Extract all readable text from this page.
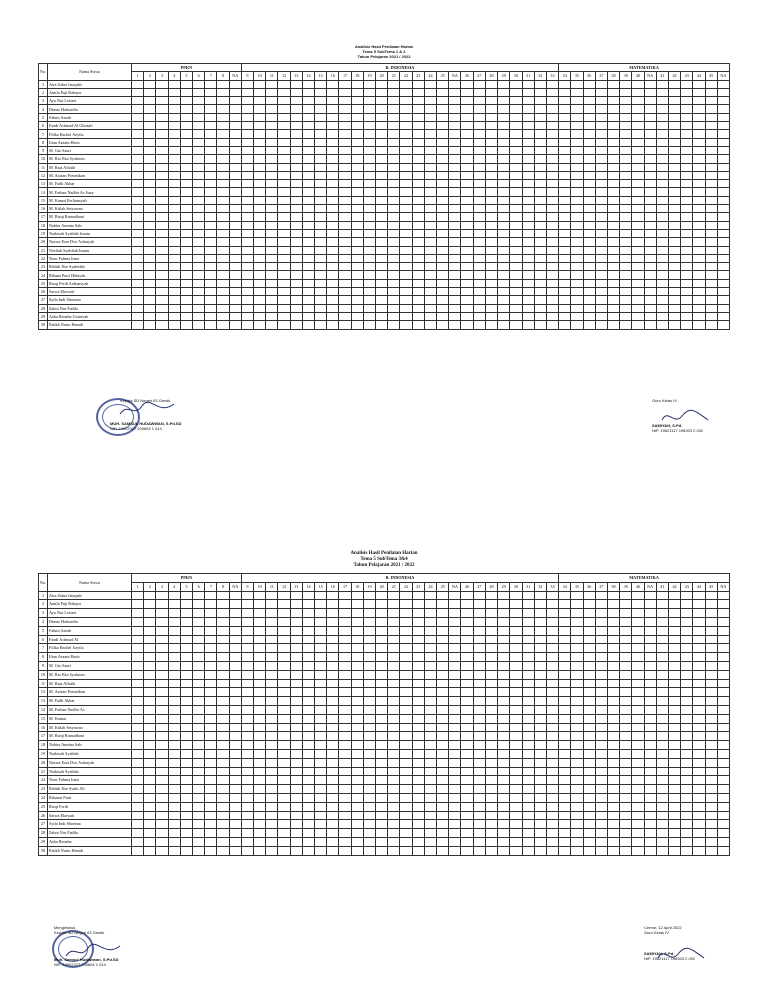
Analisis Hasil Penilaian Harian
Tema 5 SubTema 1 & 2
Tahun Pelajaran 2021 / 2022
No.	Nama Siswa	PPKN									B. INDONESIA																										MATEMATIKA													
		1	2	3	4	5	6	7	8	NA	9	10	11	12	13	14	15	16	17	18	19	20	21	22	23	24	25	NA	26	27	28	29	30	31	32	33	34	35	36	37	38	39	40	NA	41	42	43	44	45	NA
1	Aira Zahra Istaqiah																																																	
2	Amila Puji Rahayu																																																	
3	Ayu Nur Lestari																																																	
4	Dimas Hafizudin																																																	
5	Fahmi Azzah																																																	
6	Faadi Achmad Al Ghozali																																																	
7	Filika Rachel Azyila																																																	
8	Iftan Azzam Haris																																																	
9	M. Gio Sauri																																																	
10	M. Rio Eka Syahrom																																																	
11	M. Raja Alfatih																																																	
12	M. Azizan Prasetikan																																																	
13	M. Fadli Akbar																																																	
14	M. Farhan Nadhir As Sazy																																																	
15	M. Kamai Ferliansyah																																																	
16	M. Kiilah Setyawan																																																	
17	M. Rizqi Ramadhani																																																	
18	Nabira Amrina Sals																																																	
19	Narkisah Syahlah Izaatu																																																	
20	Naswa Ezar Dwi Asharyah																																																	
21	Nasfiah Syahfiah Izaatu																																																	
22	Noor Fahma Irma																																																	
23	Rifdah Nur Syahidah																																																	
24	Rihana Putri Hidayah																																																	
25	Rizqi Ferdi Ardiansyah																																																	
26	Sarwa Ekowati																																																	
27	Syila Indi Shorima																																																	
28	Zahra Nur Fadila																																																	
29	Azka Renaha Usainyah																																																	
30	Patikh Nurin Hamdi																																																	
Kepala SD Negeri 63 Gresik
MUH. SAMSUL HUDAWWAN, S.Pd.SD
NIP. 19602327 200604 1 014
Guru Kelas IV
SAMIYAH, S.Pd.
NIP. 19621117 198303 2 002
Analisis Hasil Penilaian Harian
Tema 5 SubTema 3&4
Tahun Pelajaran 2021 / 2022
No.	Nama Siswa	PPKN									B. INDONESIA																										MATEMATIKA													
		1	2	3	4	5	6	7	8	NA	9	10	11	12	13	14	15	16	17	18	19	20	21	22	23	24	25	NA	26	27	28	29	30	31	32	33	34	35	36	37	38	39	40	NA	41	42	43	44	45	NA
1	Aira Zahra Istaqiah																																																	
2	Amila Puji Rahayu																																																	
3	Ayu Nur Lestari																																																	
4	Dimas Hafizudin																																																	
5	Fahmi Azzah																																																	
6	Faadi Achmad Al																																																	
7	Filika Rachel Azyila																																																	
8	Iftan Azzam Haris																																																	
9	M. Gio Sauri																																																	
10	M. Rio Eka Syahrom																																																	
11	M. Raja Alfatih																																																	
12	M. Azizan Prasetikan																																																	
13	M. Fadli Akbar																																																	
14	M. Farhan Nadhir As																																																	
15	M. Kamai																																																	
16	M. Kiilah Setyawan																																																	
17	M. Rizqi Ramadhani																																																	
18	Nabira Amrina Sals																																																	
19	Narkisah Syahlah																																																	
20	Naswa Ezar Dwi Asharyah																																																	
21	Narkisah Syahlah																																																	
22	Noor Fahma Irma																																																	
23	Rifdah Nur Syahi Ali																																																	
24	Rihanar Putri																																																	
25	Rizqi Ferdi																																																	
26	Sarwa Ekowati																																																	
27	Syila Indi Shorima																																																	
28	Zahra Nur Fadila																																																	
29	Azka Renaha																																																	
30	Patikh Nurin Hamdi																																																	
Mengetahui,
Kepala SD Negeri 63 Gresik
Muh. Samsul Hudawwan, S.Pd.SD
NIP. 19602327 200604 1 014
Cerme, 12 April 2022
Guru Kelas IV
SAMIYAH, S.Pd.
NIP. 19621117 198303 2 002
